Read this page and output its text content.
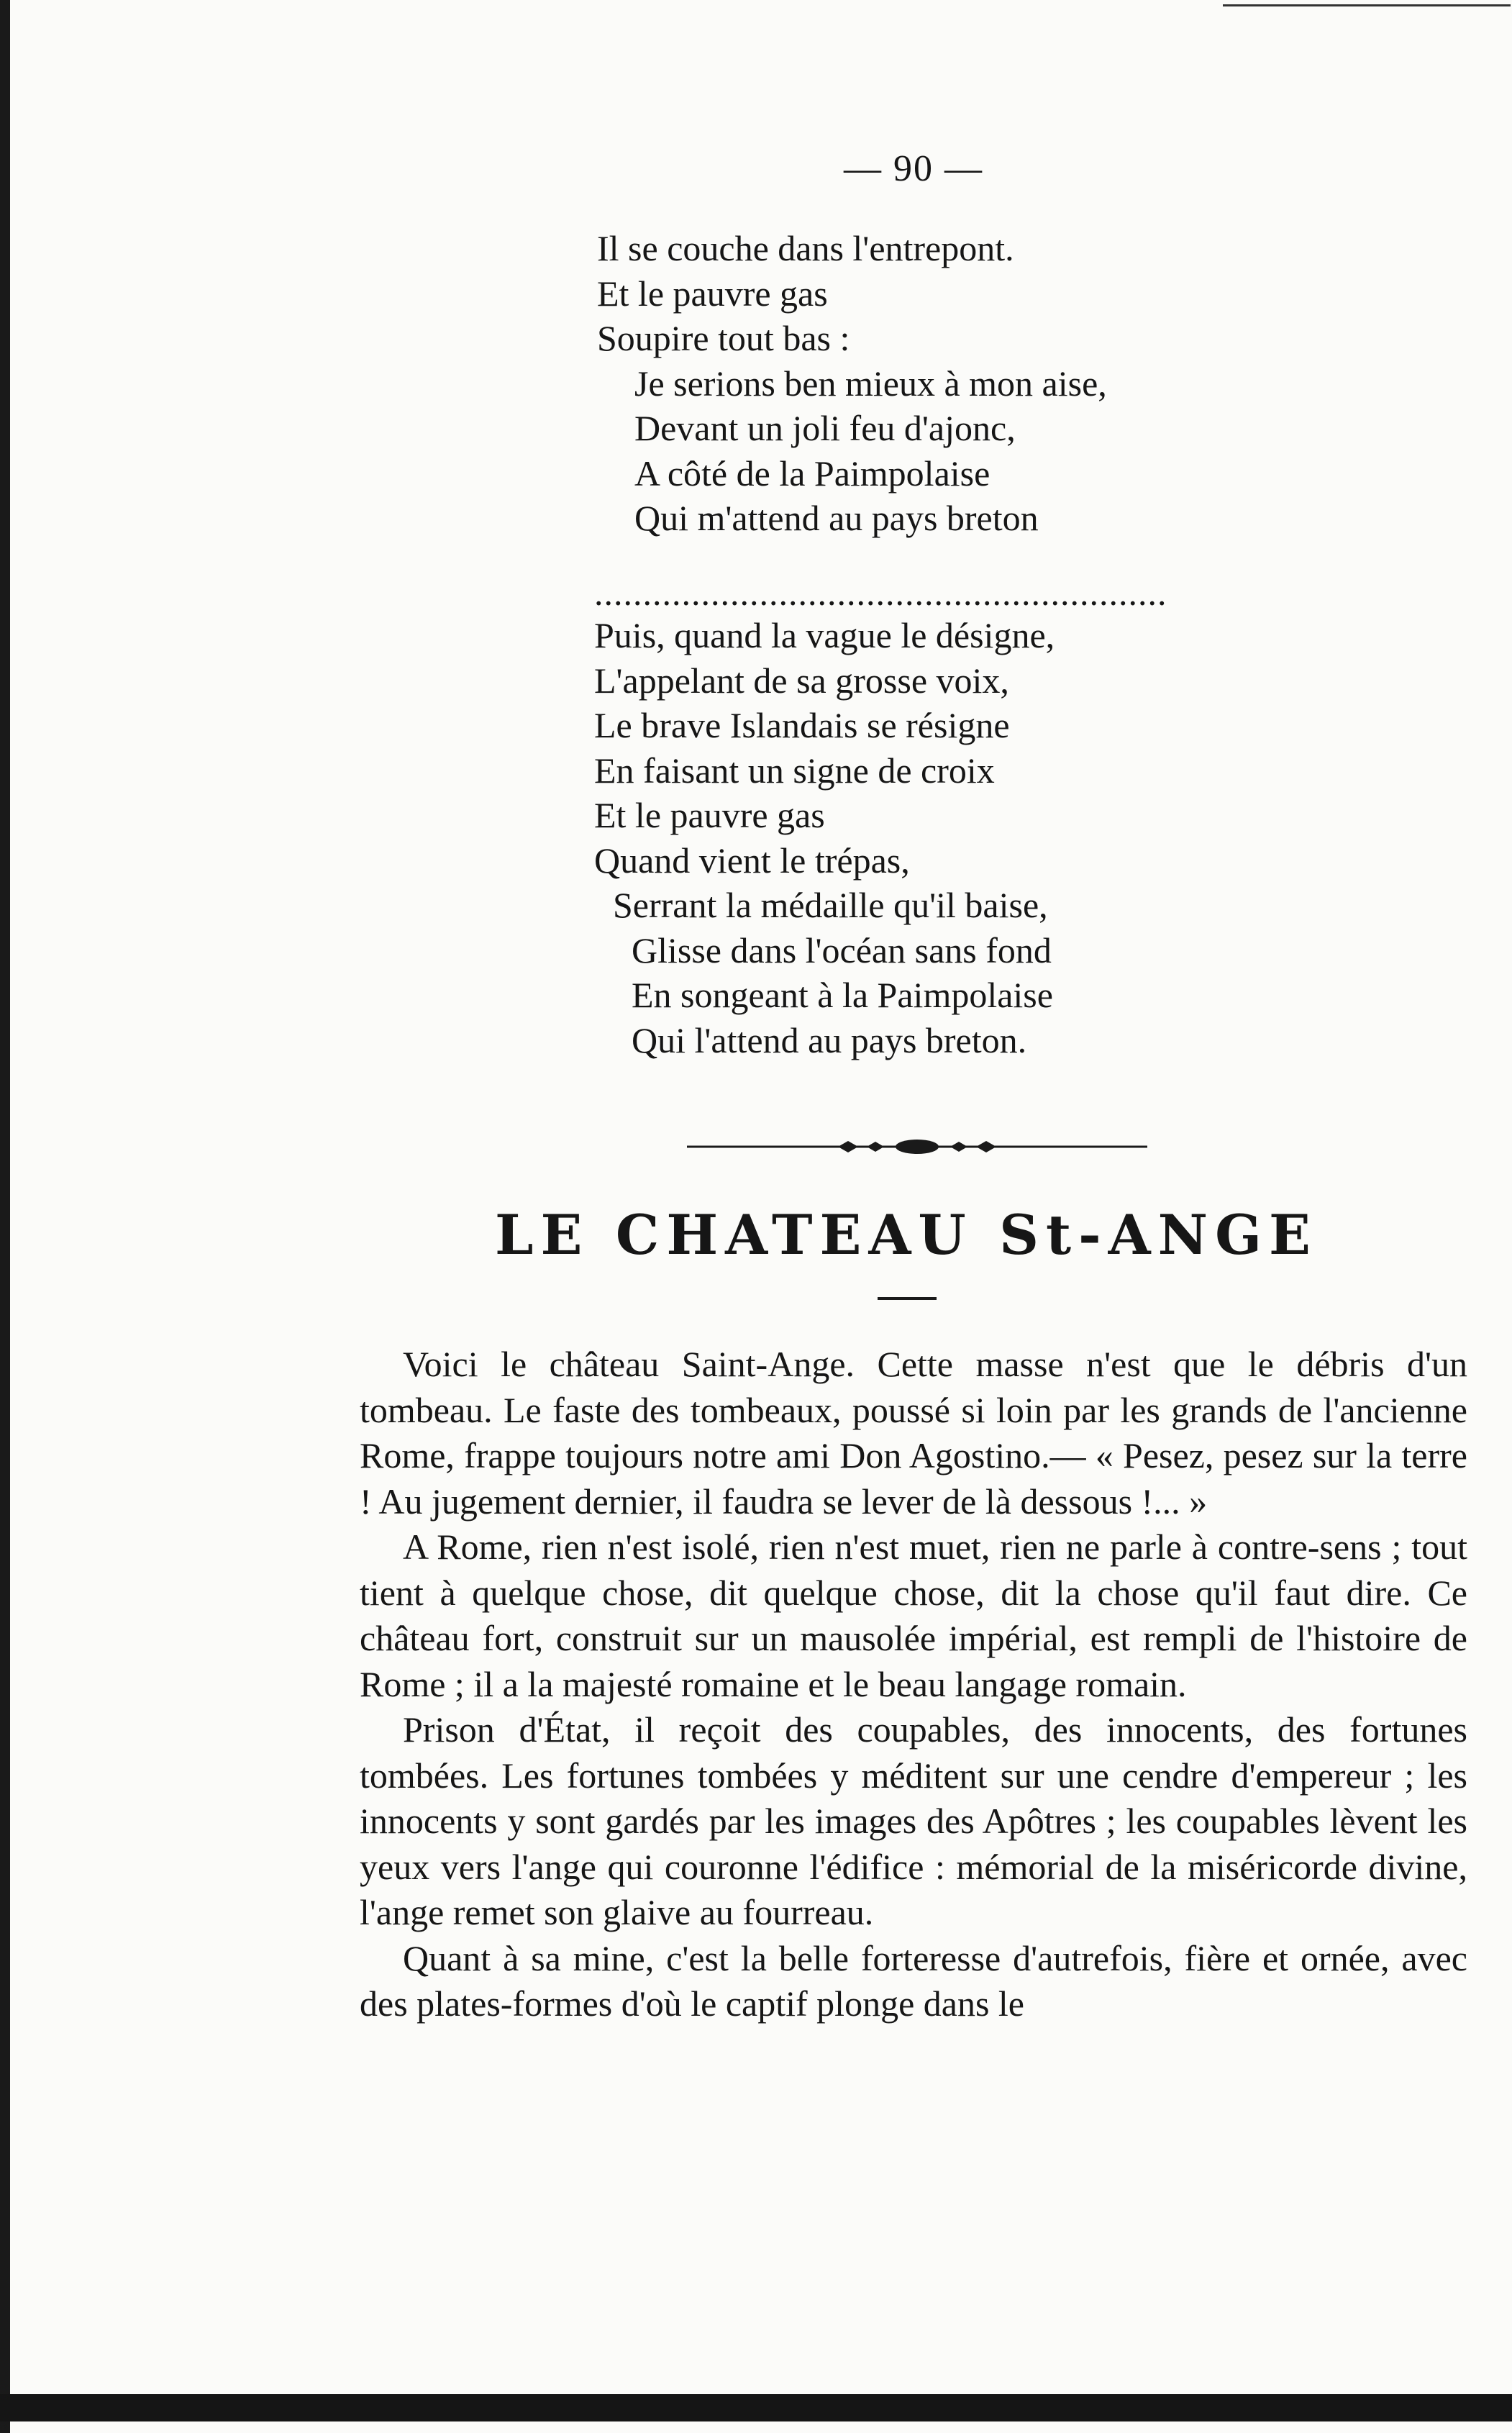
— 90 —
Il se couche dans l'entrepont.
Et le pauvre gas
Soupire tout bas :
Je serions ben mieux à mon aise,
Devant un joli feu d'ajonc,
A côté de la Paimpolaise
Qui m'attend au pays breton
...........................................................
Puis, quand la vague le désigne,
L'appelant de sa grosse voix,
Le brave Islandais se résigne
En faisant un signe de croix
Et le pauvre gas
Quand vient le trépas,
Serrant la médaille qu'il baise,
Glisse dans l'océan sans fond
En songeant à la Paimpolaise
Qui l'attend au pays breton.
LE CHATEAU St-ANGE

Voici le château Saint-Ange. Cette masse n'est que le débris d'un tombeau. Le faste des tombeaux, poussé si loin par les grands de l'ancienne Rome, frappe toujours notre ami Don Agostino.— « Pesez, pesez sur la terre ! Au jugement dernier, il faudra se lever de là dessous !... »

A Rome, rien n'est isolé, rien n'est muet, rien ne parle à contre-sens ; tout tient à quelque chose, dit quelque chose, dit la chose qu'il faut dire. Ce château fort, construit sur un mausolée impérial, est rempli de l'histoire de Rome ; il a la majesté romaine et le beau langage romain.

Prison d'État, il reçoit des coupables, des innocents, des fortunes tombées. Les fortunes tombées y méditent sur une cendre d'empereur ; les innocents y sont gardés par les images des Apôtres ; les coupables lèvent les yeux vers l'ange qui couronne l'édifice : mémorial de la miséricorde divine, l'ange remet son glaive au fourreau.

Quant à sa mine, c'est la belle forteresse d'autrefois, fière et ornée, avec des plates-formes d'où le captif plonge dans le
